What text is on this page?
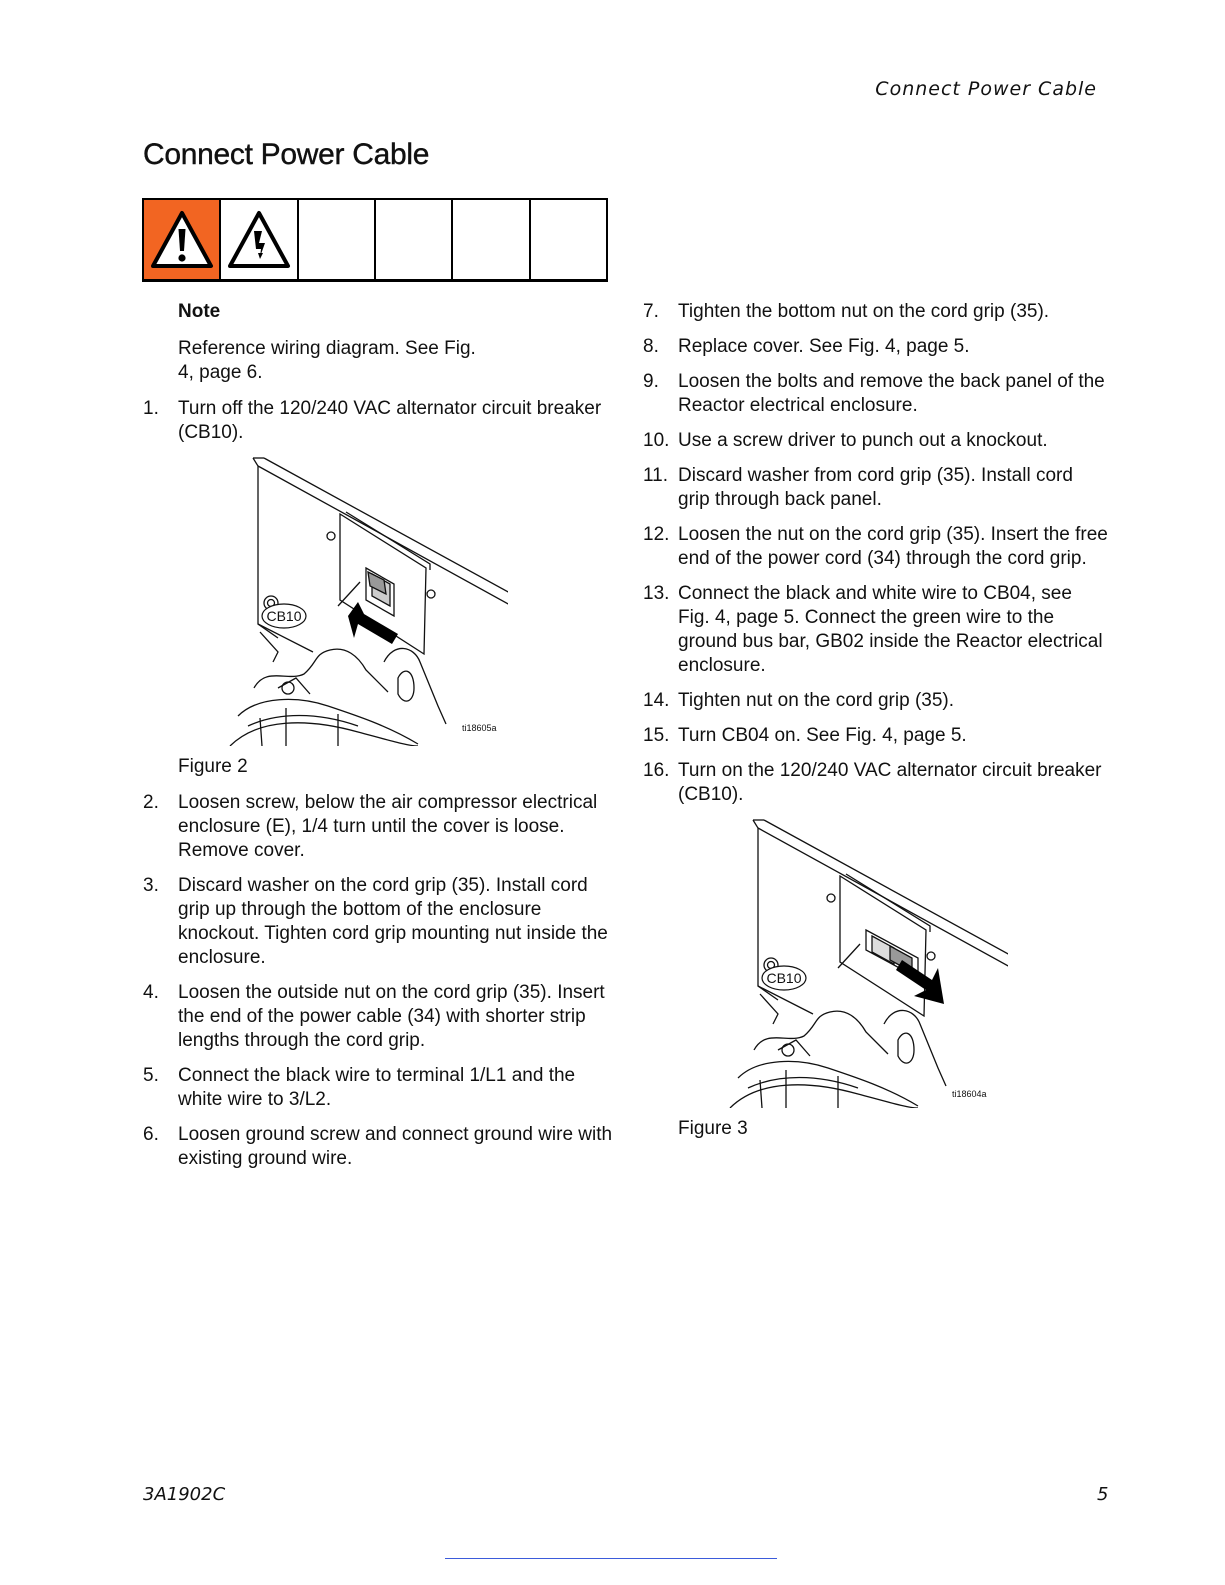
Connect Power Cable
Connect Power Cable
Note
Reference wiring diagram. See Fig. 4, page 6.
1.	Turn off the 120/240 VAC alternator circuit breaker (CB10).
CB10
ti18605a
Figure 2
2.	Loosen screw, below the air compressor electrical enclosure (E), 1/4 turn until the cover is loose. Remove cover.
3.	Discard washer on the cord grip (35). Install cord grip up through the bottom of the enclosure knockout. Tighten cord grip mounting nut inside the enclosure.
4.	Loosen the outside nut on the cord grip (35). Insert the end of the power cable (34) with shorter strip lengths through the cord grip.
5.	Connect the black wire to terminal 1/L1 and the white wire to 3/L2.
6.	Loosen ground screw and connect ground wire with existing ground wire.
7.	Tighten the bottom nut on the cord grip (35).
8.	Replace cover. See Fig. 4, page 5.
9.	Loosen the bolts and remove the back panel of the Reactor electrical enclosure.
10. Use a screw driver to punch out a knockout.
11. Discard washer from cord grip (35). Install cord grip through back panel.
12. Loosen the nut on the cord grip (35). Insert the free end of the power cord (34) through the cord grip.
13. Connect the black and white wire to CB04, see Fig. 4, page 5. Connect the green wire to the ground bus bar, GB02 inside the Reactor electrical enclosure.
14. Tighten nut on the cord grip (35).
15. Turn CB04 on. See Fig. 4, page 5.
16. Turn on the 120/240 VAC alternator circuit breaker (CB10).
CB10
ti18604a
Figure 3
3A1902C	5
